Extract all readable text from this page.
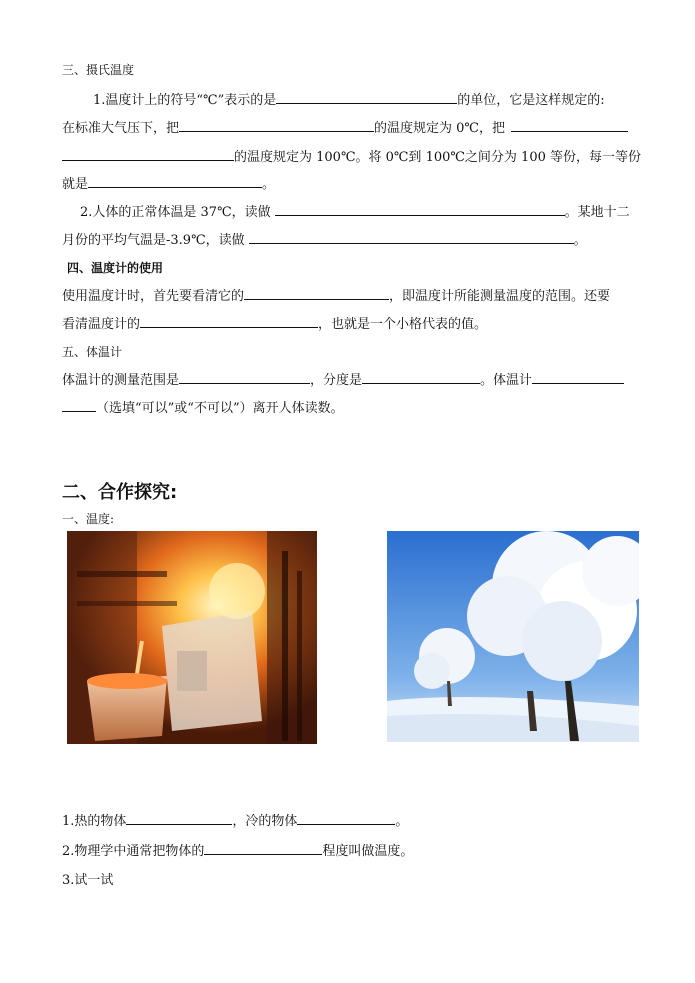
三、摄氏温度
1.温度计上的符号“℃”表示的是	的单位，它是这样规定的:
在标准大气压下，把	的温度规定为 0℃，把
的温度规定为 100℃。将 0℃到 100℃之间分为 100 等份，每一等份
就是	。
2.人体的正常体温是 37℃，读做	。某地十二
月份的平均气温是-3.9℃，读做	。
四、温度计的使用
使用温度计时，首先要看清它的	，即温度计所能测量温度的范围。还要
看清温度计的	，也就是一个小格代表的值。
五、体温计
体温计的测量范围是	，分度是	。体温计
（选填“可以”或“不可以”）离开人体读数。
二、合作探究:
一、温度:
1.热的物体	，冷的物体	。
2.物理学中通常把物体的	程度叫做温度。
3.试一试
